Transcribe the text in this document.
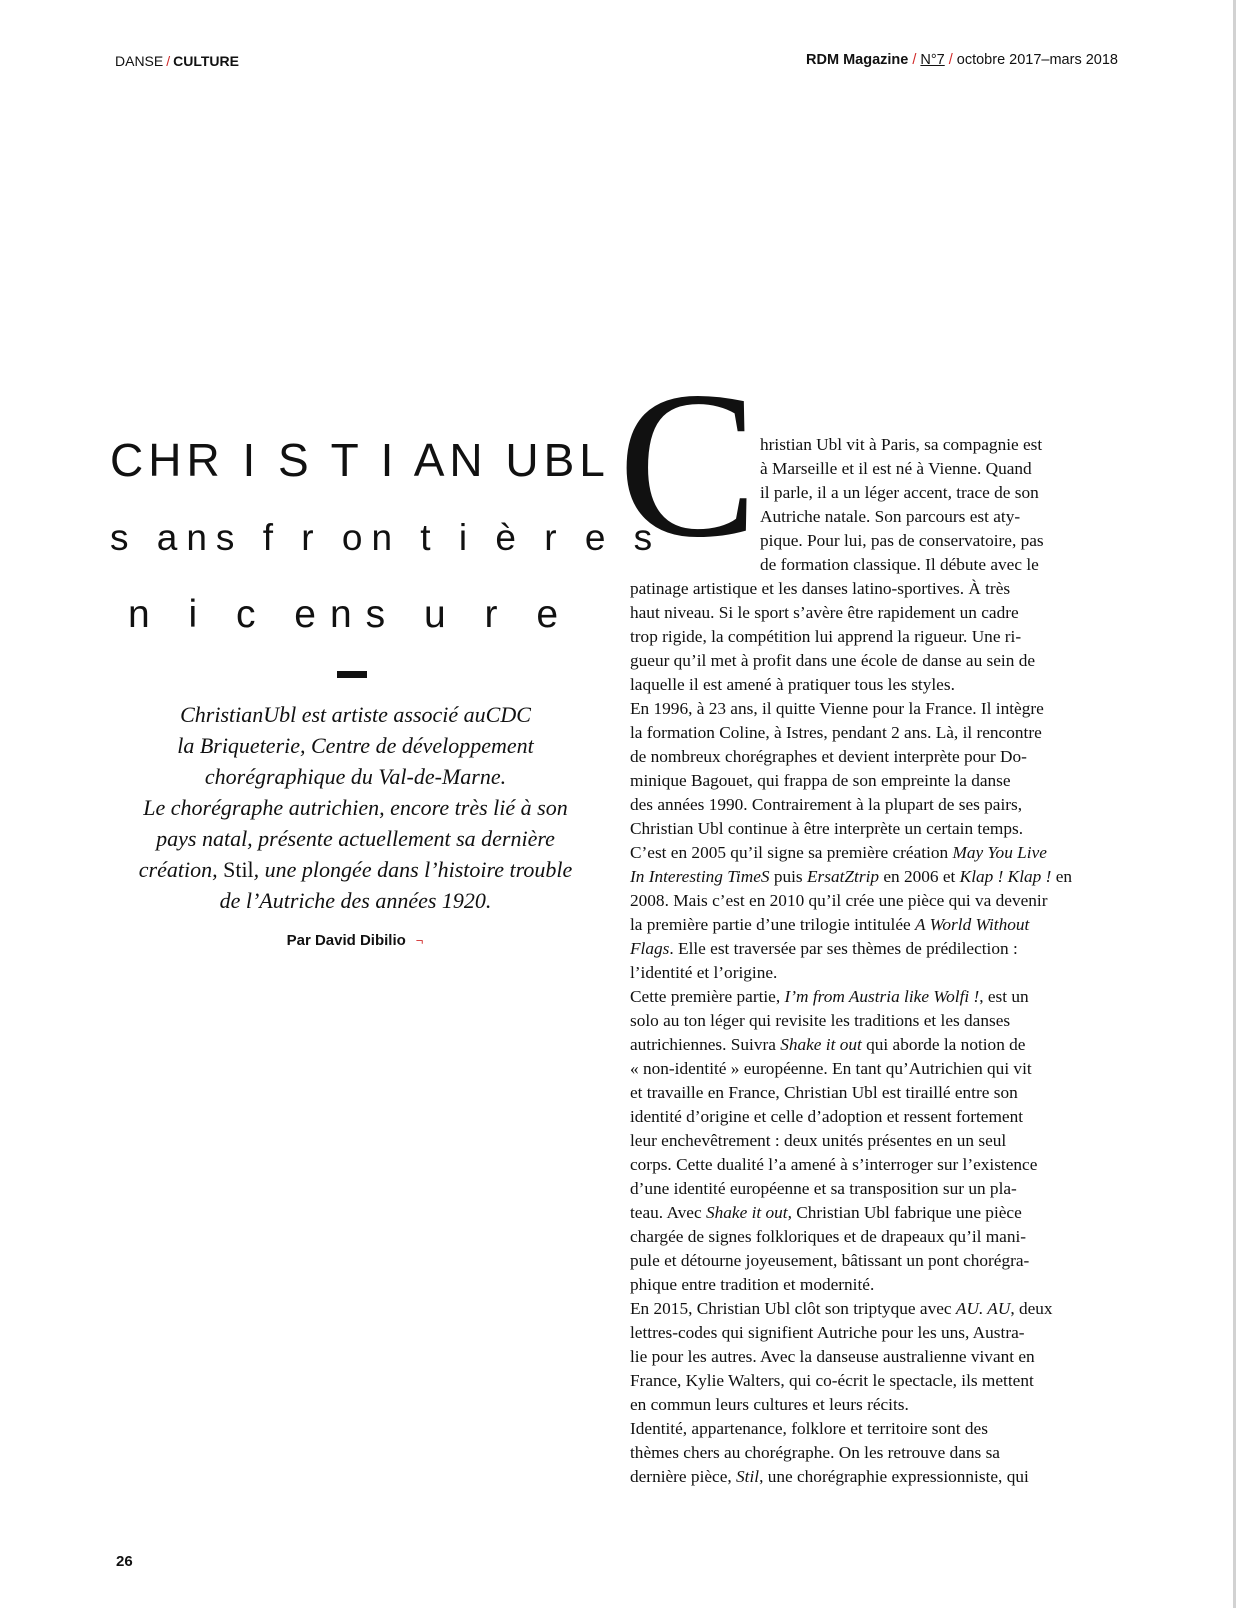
DANSE / CULTURE	RDM Magazine / N°7 / octobre 2017–mars 2018
CHR I S T I AN UBL
s ans f r on t i è r e s
n i c ens u r e
ChristianUbl est artiste associé auCDC
la Briqueterie, Centre de développement
chorégraphique du Val-de-Marne.
Le chorégraphe autrichien, encore très lié à son
pays natal, présente actuellement sa dernière
création, Stil, une plongée dans l’histoire trouble
de l’Autriche des années 1920.
Par David Dibilio ¬
C hristian Ubl vit à Paris, sa compagnie est
à Marseille et il est né à Vienne. Quand
il parle, il a un léger accent, trace de son
Autriche natale. Son parcours est aty-
pique. Pour lui, pas de conservatoire, pas
de formation classique. Il débute avec le
patinage artistique et les danses latino-sportives. À très
haut niveau. Si le sport s’avère être rapidement un cadre
trop rigide, la compétition lui apprend la rigueur. Une ri-
gueur qu’il met à profit dans une école de danse au sein de
laquelle il est amené à pratiquer tous les styles.
En 1996, à 23 ans, il quitte Vienne pour la France. Il intègre
la formation Coline, à Istres, pendant 2 ans. Là, il rencontre
de nombreux chorégraphes et devient interprète pour Do-
minique Bagouet, qui frappa de son empreinte la danse
des années 1990. Contrairement à la plupart de ses pairs,
Christian Ubl continue à être interprète un certain temps.
C’est en 2005 qu’il signe sa première création May You Live
In Interesting TimeS puis ErsatZtrip en 2006 et Klap ! Klap ! en
2008. Mais c’est en 2010 qu’il crée une pièce qui va devenir
la première partie d’une trilogie intitulée A World Without
Flags. Elle est traversée par ses thèmes de prédilection :
l’identité et l’origine.
Cette première partie, I’m from Austria like Wolfi !, est un
solo au ton léger qui revisite les traditions et les danses
autrichiennes. Suivra Shake it out qui aborde la notion de
« non-identité » européenne. En tant qu’Autrichien qui vit
et travaille en France, Christian Ubl est tiraillé entre son
identité d’origine et celle d’adoption et ressent fortement
leur enchevêtrement : deux unités présentes en un seul
corps. Cette dualité l’a amené à s’interroger sur l’existence
d’une identité européenne et sa transposition sur un pla-
teau. Avec Shake it out, Christian Ubl fabrique une pièce
chargée de signes folkloriques et de drapeaux qu’il mani-
pule et détourne joyeusement, bâtissant un pont chorégra-
phique entre tradition et modernité.
En 2015, Christian Ubl clôt son triptyque avec AU. AU, deux
lettres-codes qui signifient Autriche pour les uns, Austra-
lie pour les autres. Avec la danseuse australienne vivant en
France, Kylie Walters, qui co-écrit le spectacle, ils mettent
en commun leurs cultures et leurs récits.
Identité, appartenance, folklore et territoire sont des
thèmes chers au chorégraphe. On les retrouve dans sa
dernière pièce, Stil, une chorégraphie expressionniste, qui
26
